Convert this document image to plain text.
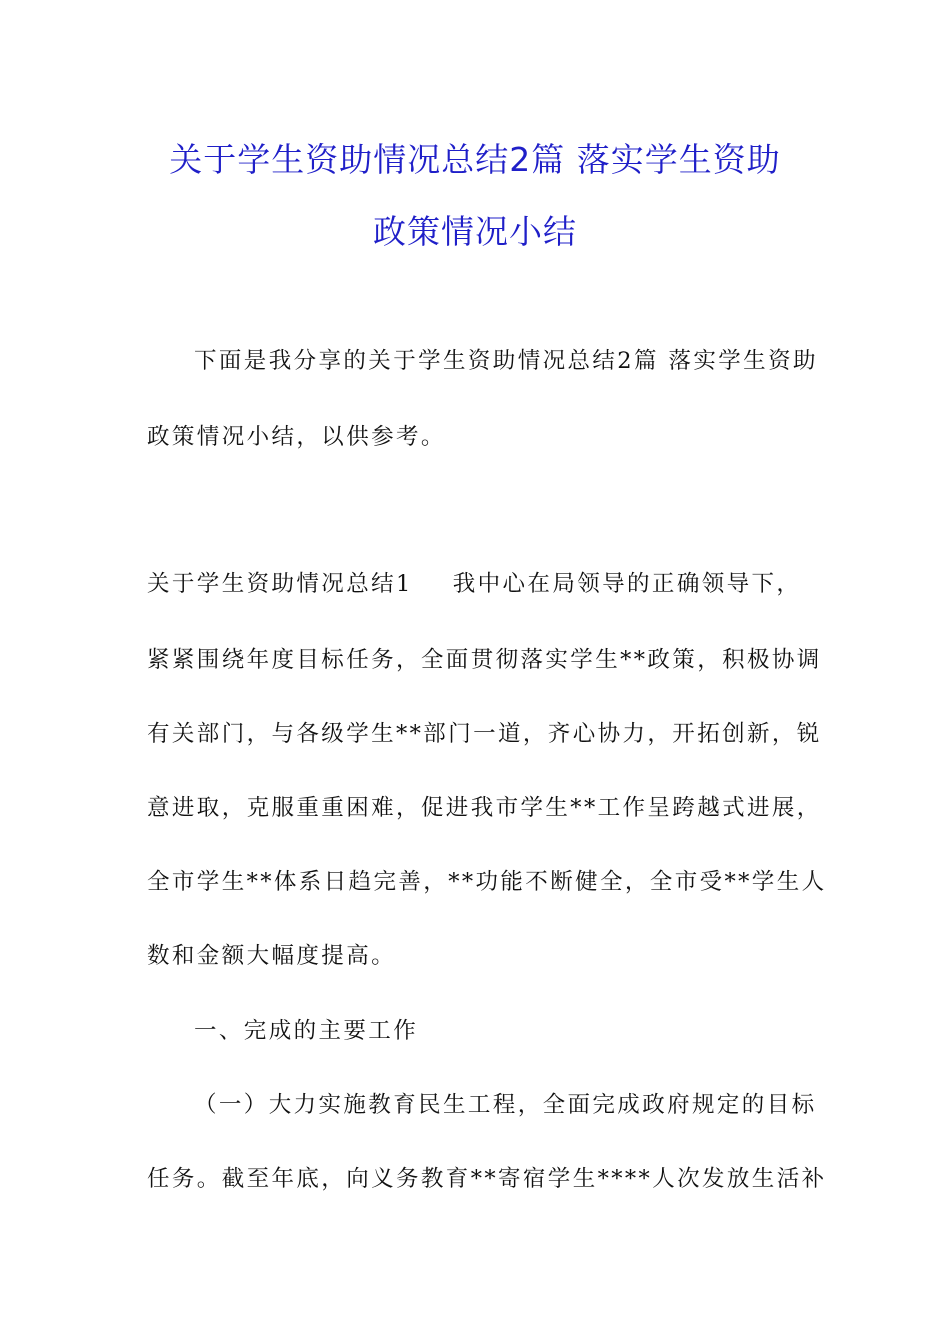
关于学生资助情况总结2篇 落实学生资助
政策情况小结
下面是我分享的关于学生资助情况总结2篇 落实学生资助
政策情况小结，以供参考。
关于学生资助情况总结1 我中心在局领导的正确领导下，
紧紧围绕年度目标任务，全面贯彻落实学生**政策，积极协调
有关部门，与各级学生**部门一道，齐心协力，开拓创新，锐
意进取，克服重重困难，促进我市学生**工作呈跨越式进展，
全市学生**体系日趋完善，**功能不断健全，全市受**学生人
数和金额大幅度提高。
一、完成的主要工作
（一）大力实施教育民生工程，全面完成政府规定的目标
任务。截至年底，向义务教育**寄宿学生****人次发放生活补
